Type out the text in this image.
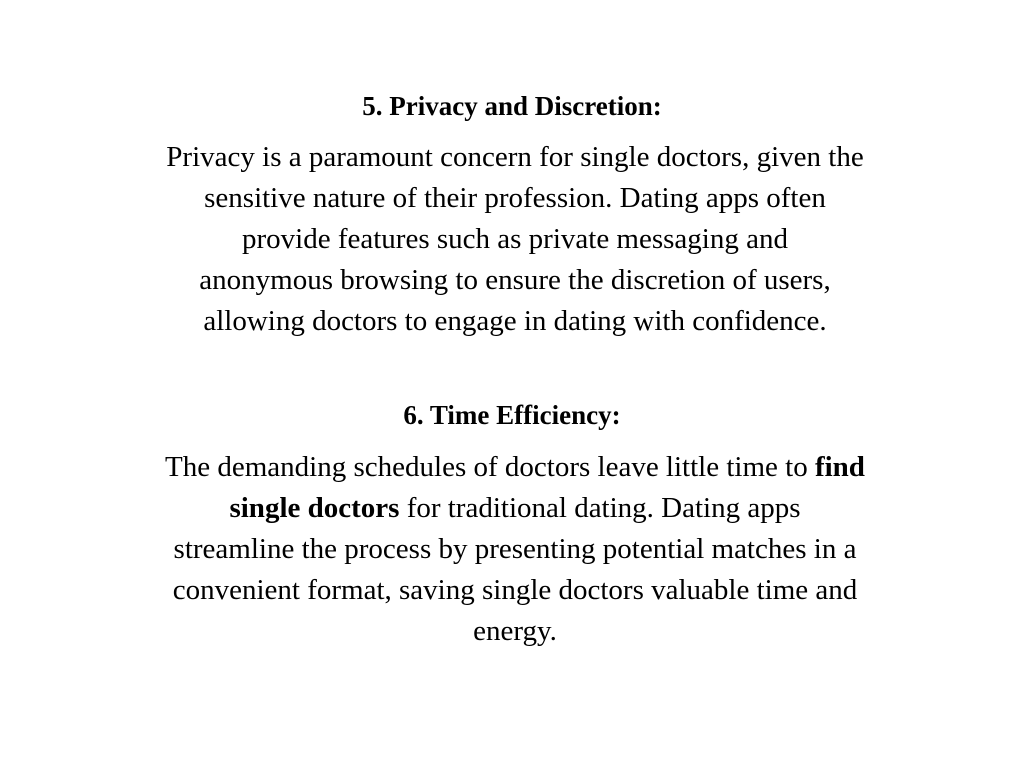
5. Privacy and Discretion:

Privacy is a paramount concern for single doctors, given the
sensitive nature of their profession. Dating apps often
provide features such as private messaging and
anonymous browsing to ensure the discretion of users,
allowing doctors to engage in dating with confidence.

6. Time Efficiency:

The demanding schedules of doctors leave little time to find
single doctors for traditional dating. Dating apps
streamline the process by presenting potential matches in a
convenient format, saving single doctors valuable time and
energy.
